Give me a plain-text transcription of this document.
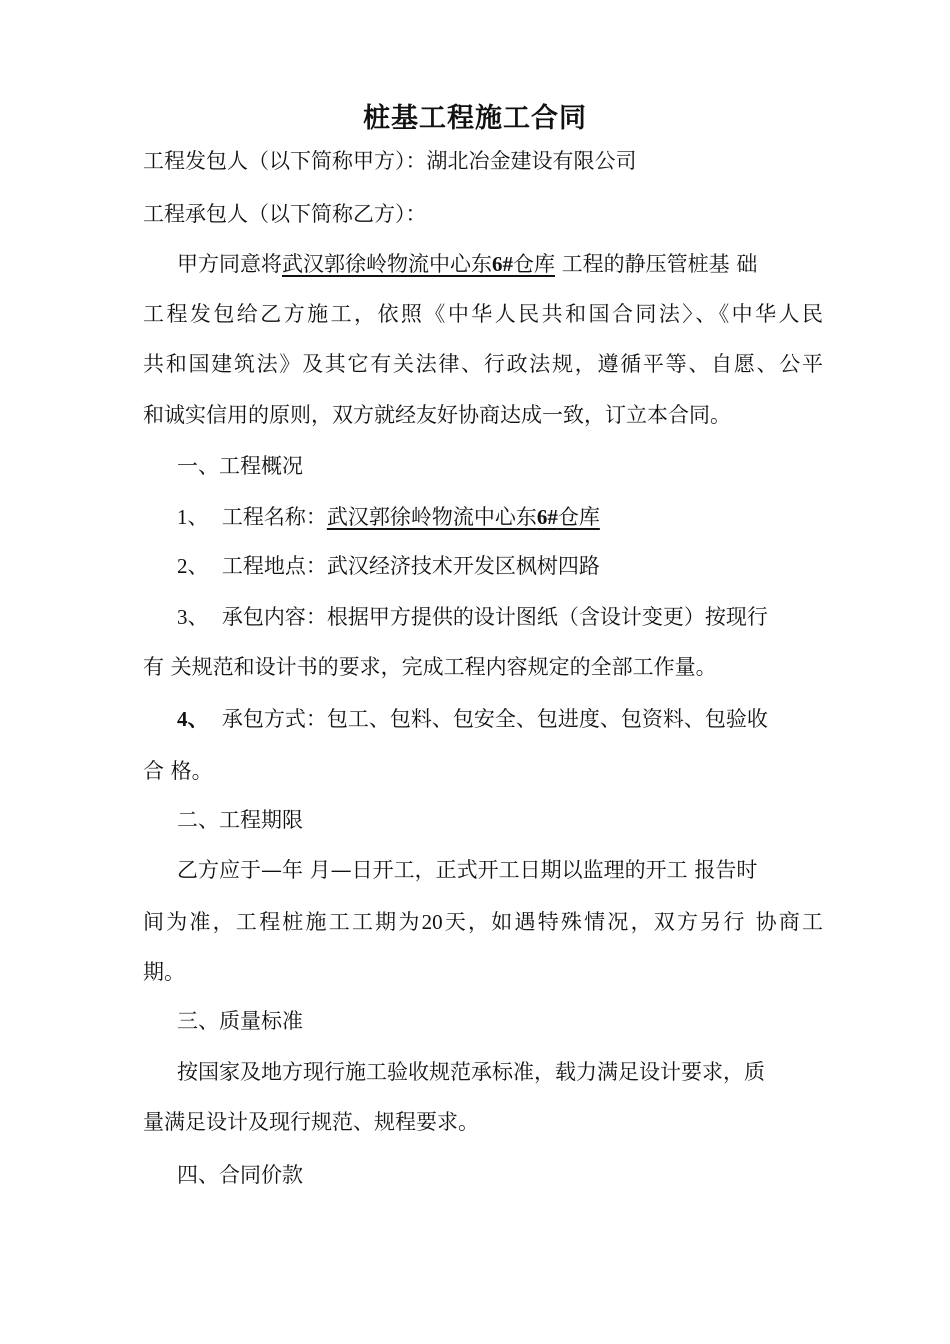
桩基工程施工合同
工程发包人（以下简称甲方）：湖北冶金建设有限公司
工程承包人（以下简称乙方）：
甲方同意将武汉郭徐岭物流中心东6#仓库 工程的静压管桩基 础
工程发包给乙方施工，依照《中华人民共和国合同法〉、《中华人民
共和国建筑法》及其它有关法律、行政法规，遵循平等、自愿、公平
和诚实信用的原则，双方就经友好协商达成一致，订立本合同。
一、工程概况
1、 工程名称：武汉郭徐岭物流中心东6#仓库
2、 工程地点：武汉经济技术开发区枫树四路
3、 承包内容：根据甲方提供的设计图纸（含设计变更）按现行
有 关规范和设计书的要求，完成工程内容规定的全部工作量。
4、 承包方式：包工、包料、包安全、包进度、包资料、包验收
合 格。
二、工程期限
乙方应于—年 月—日开工，正式开工日期以监理的开工 报告时
间为准，工程桩施工工期为20天，如遇特殊情况，双方另行 协商工
期。
三、质量标准
按国家及地方现行施工验收规范承标准，载力满足设计要求，质
量满足设计及现行规范、规程要求。
四、合同价款
